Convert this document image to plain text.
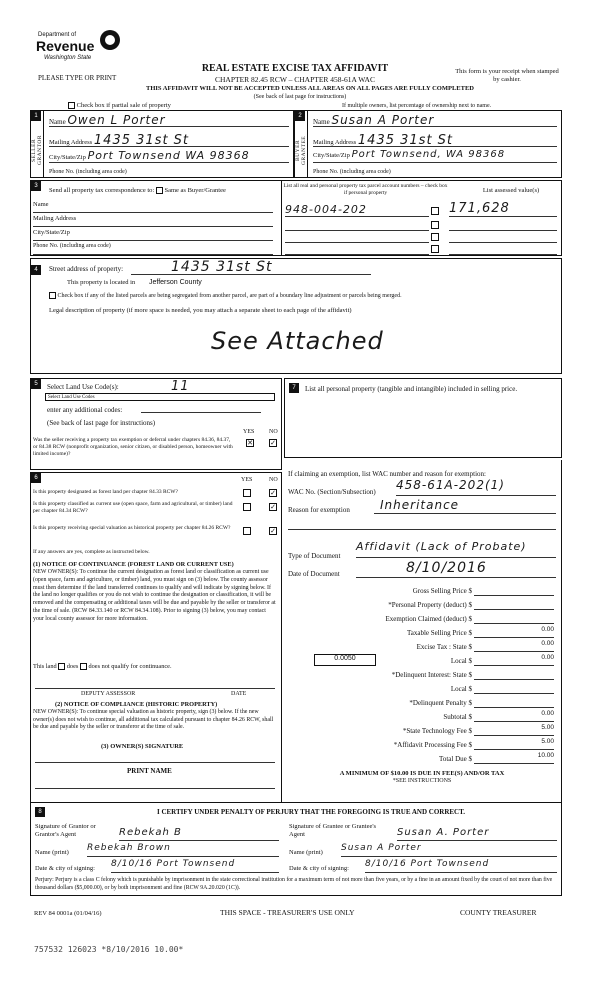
Department of
Revenue
Washington State
PLEASE TYPE OR PRINT
REAL ESTATE EXCISE TAX AFFIDAVIT
CHAPTER 82.45 RCW – CHAPTER 458-61A WAC
This form is your receipt when stamped by cashier.
THIS AFFIDAVIT WILL NOT BE ACCEPTED UNLESS ALL AREAS ON ALL PAGES ARE FULLY COMPLETED
(See back of last page for instructions)
Check box if partial sale of property	If multiple owners, list percentage of ownership next to name.
1
SELLER GRANTOR
Name Owen L Porter
Mailing Address 1435 31st St
City/State/Zip Port Townsend WA 98368
Phone No. (including area code)
2
BUYER GRANTEE
Name Susan A Porter
Mailing Address 1435 31st St
City/State/Zip Port Townsend, WA 98368
Phone No. (including area code)
3
Send all property tax correspondence to: Same as Buyer/Grantee
Name
Mailing Address
City/State/Zip
Phone No. (including area code)
List all real and personal property tax parcel account numbers – check box if personal property	List assessed value(s)
948-004-202	171,628
4	Street address of property:	1435 31st St
This property is located in Jefferson County
Check box if any of the listed parcels are being segregated from another parcel, are part of a boundary line adjustment or parcels being merged.
Legal description of property (if more space is needed, you may attach a separate sheet to each page of the affidavit)
See Attached
5	Select Land Use Code(s):	11
Select Land Use Codes
enter any additional codes:
(See back of last page for instructions)
YES NO
Was the seller receiving a property tax exemption or deferral under chapters 84.36, 84.37, or 84.38 RCW (nonprofit organization, senior citizen, or disabled person, homeowner with limited income)?
✕ ✓
7	List all personal property (tangible and intangible) included in selling price.
6	YES	NO
Is this property designated as forest land per chapter 84.33 RCW?	✓
Is this property classified as current use (open space, farm and agricultural, or timber) land per chapter 84.34 RCW?	✓
Is this property receiving special valuation as historical property per chapter 84.26 RCW?	✓
If any answers are yes, complete as instructed below.
(1) NOTICE OF CONTINUANCE (FOREST LAND OR CURRENT USE)
NEW OWNER(S): To continue the current designation as forest land or classification as current use (open space, farm and agriculture, or timber) land, you must sign on (3) below. The county assessor must then determine if the land transferred continues to qualify and will indicate by signing below. If the land no longer qualifies or you do not wish to continue the designation or classification, it will be removed and the compensating or additional taxes will be due and payable by the seller or transferor at the time of sale. (RCW 84.33.140 or RCW 84.34.108). Prior to signing (3) below, you may contact your local county assessor for more information.
This land does does not qualify for continuance.
DEPUTY ASSESSOR	DATE
(2) NOTICE OF COMPLIANCE (HISTORIC PROPERTY)
NEW OWNER(S): To continue special valuation as historic property, sign (3) below. If the new owner(s) does not wish to continue, all additional tax calculated pursuant to chapter 84.26 RCW, shall be due and payable by the seller or transferor at the time of sale.
(3) OWNER(S) SIGNATURE
PRINT NAME
If claiming an exemption, list WAC number and reason for exemption:
WAC No. (Section/Subsection) 458-61A-202(1)
Reason for exemption	Inheritance
Type of Document
Affidavit (Lack of Probate)
Date of Document	8/10/2016
Gross Selling Price $
*Personal Property (deduct) $
Exemption Claimed (deduct) $
Taxable Selling Price $	0.00
Excise Tax : State $	0.00
0.0050	Local $	0.00
*Delinquent Interest: State $
Local $
*Delinquent Penalty $
Subtotal $	0.00
*State Technology Fee $	5.00
*Affidavit Processing Fee $	5.00
Total Due $	10.00
A MINIMUM OF $10.00 IS DUE IN FEE(S) AND/OR TAX
*SEE INSTRUCTIONS
8	I CERTIFY UNDER PENALTY OF PERJURY THAT THE FOREGOING IS TRUE AND CORRECT.
Signature of Grantor or Grantor's Agent	Rebekah B
Name (print) Rebekah Brown
Date & city of signing: 8/10/16 Port Townsend
Signature of Grantee or Grantee's Agent	Susan A. Porter
Name (print) Susan A Porter
Date & city of signing: 8/10/16 Port Townsend
Perjury: Perjury is a class C felony which is punishable by imprisonment in the state correctional institution for a maximum term of not more than five years, or by a fine in an amount fixed by the court of not more than five thousand dollars ($5,000.00), or by both imprisonment and fine (RCW 9A.20.020 (1C)).
REV 84 0001a (01/04/16)	THIS SPACE - TREASURER'S USE ONLY	COUNTY TREASURER
757532 126023 *8/10/2016 10.00*
